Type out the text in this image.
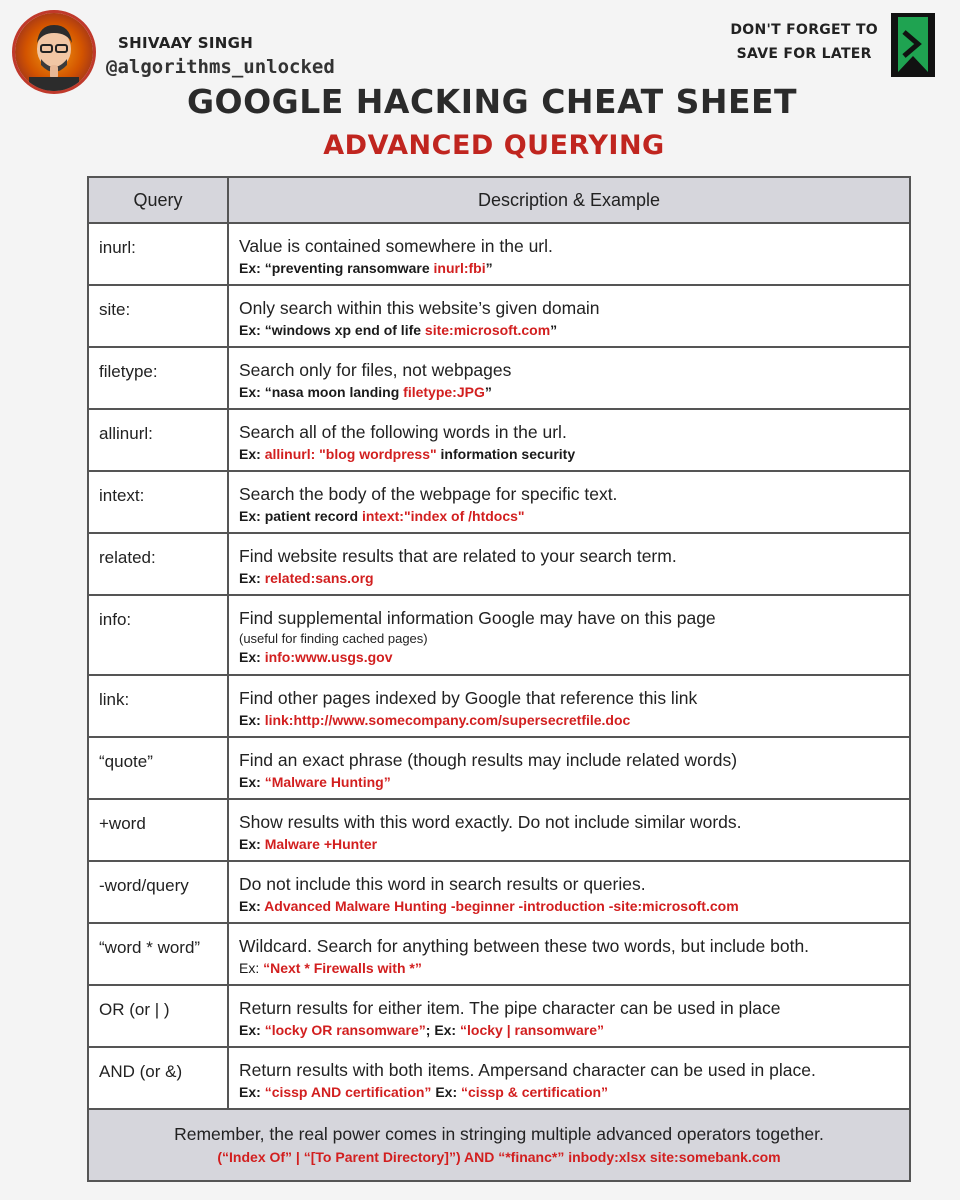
SHIVAAY SINGH
@algorithms_unlocked
DON'T FORGET TO
SAVE FOR LATER
GOOGLE HACKING CHEAT SHEET
ADVANCED QUERYING
Query	Description & Example
inurl:	Value is contained somewhere in the url.
Ex: “preventing ransomware inurl:fbi”
site:	Only search within this website’s given domain
Ex: “windows xp end of life site:microsoft.com”
filetype:	Search only for files, not webpages
Ex: “nasa moon landing filetype:JPG”
allinurl:	Search all of the following words in the url.
Ex: allinurl: "blog wordpress" information security
intext:	Search the body of the webpage for specific text.
Ex: patient record intext:"index of /htdocs"
related:	Find website results that are related to your search term.
Ex: related:sans.org
info:	Find supplemental information Google may have on this page
(useful for finding cached pages)
Ex: info:www.usgs.gov
link:	Find other pages indexed by Google that reference this link
Ex: link:http://www.somecompany.com/supersecretfile.doc
“quote”	Find an exact phrase (though results may include related words)
Ex: “Malware Hunting”
+word	Show results with this word exactly. Do not include similar words.
Ex: Malware +Hunter
-word/query	Do not include this word in search results or queries.
Ex: Advanced Malware Hunting -beginner -introduction -site:microsoft.com
“word * word”	Wildcard. Search for anything between these two words, but include both.
Ex: “Next * Firewalls with *”
OR (or | )	Return results for either item. The pipe character can be used in place
Ex: “locky OR ransomware”; Ex: “locky | ransomware”
AND (or &)	Return results with both items. Ampersand character can be used in place.
Ex: “cissp AND certification” Ex: “cissp & certification”
Remember, the real power comes in stringing multiple advanced operators together.
(“Index Of” | “[To Parent Directory]”) AND “*financ*” inbody:xlsx site:somebank.com
